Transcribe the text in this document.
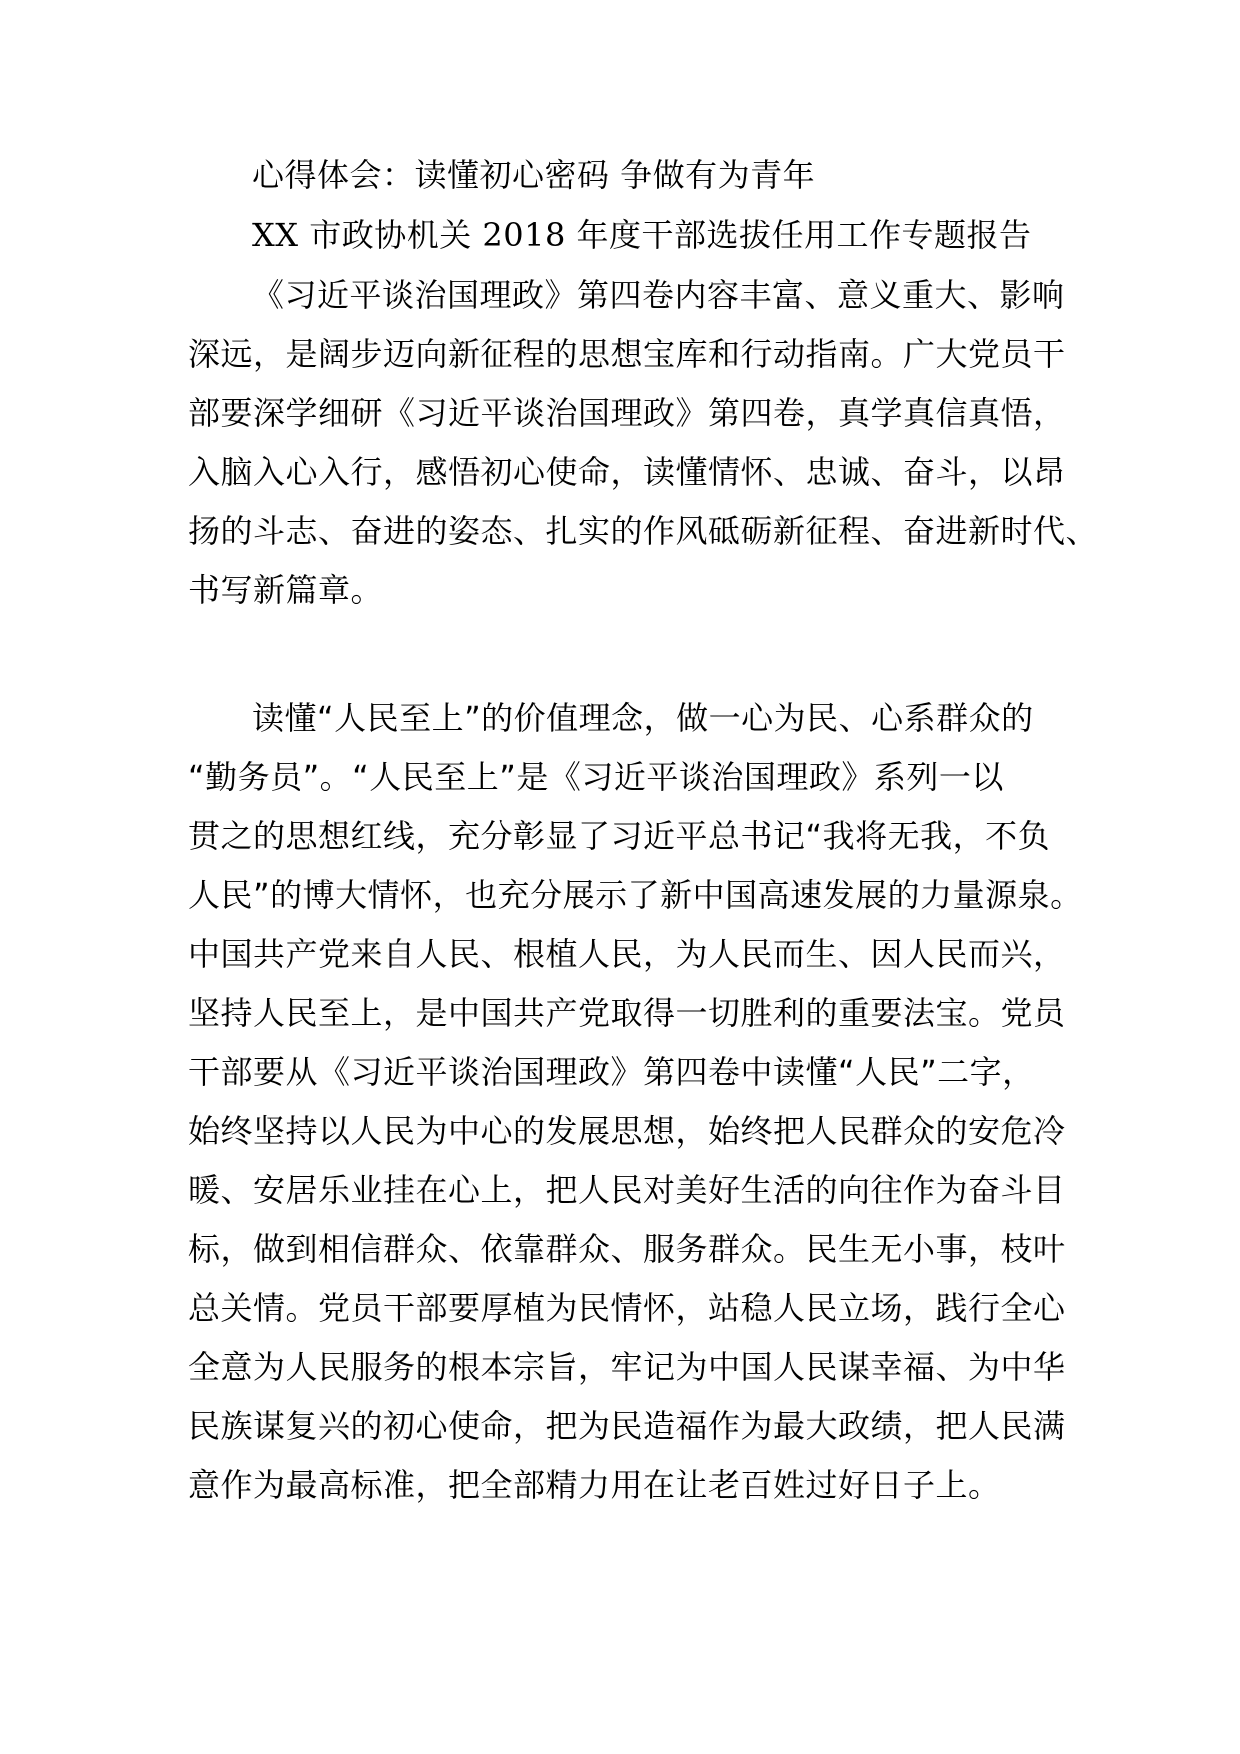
心得体会：读懂初心密码 争做有为青年
XX 市政协机关 2018 年度干部选拔任用工作专题报告
《习近平谈治国理政》第四卷内容丰富、意义重大、影响
深远，是阔步迈向新征程的思想宝库和行动指南。广大党员干
部要深学细研《习近平谈治国理政》第四卷，真学真信真悟，
入脑入心入行，感悟初心使命，读懂情怀、忠诚、奋斗，以昂
扬的斗志、奋进的姿态、扎实的作风砥砺新征程、奋进新时代、
书写新篇章。
读懂“人民至上”的价值理念，做一心为民、心系群众的
“勤务员”。“人民至上”是《习近平谈治国理政》系列一以
贯之的思想红线，充分彰显了习近平总书记“我将无我，不负
人民”的博大情怀，也充分展示了新中国高速发展的力量源泉。
中国共产党来自人民、根植人民，为人民而生、因人民而兴，
坚持人民至上，是中国共产党取得一切胜利的重要法宝。党员
干部要从《习近平谈治国理政》第四卷中读懂“人民”二字，
始终坚持以人民为中心的发展思想，始终把人民群众的安危冷
暖、安居乐业挂在心上，把人民对美好生活的向往作为奋斗目
标，做到相信群众、依靠群众、服务群众。民生无小事，枝叶
总关情。党员干部要厚植为民情怀，站稳人民立场，践行全心
全意为人民服务的根本宗旨，牢记为中国人民谋幸福、为中华
民族谋复兴的初心使命，把为民造福作为最大政绩，把人民满
意作为最高标准，把全部精力用在让老百姓过好日子上。
